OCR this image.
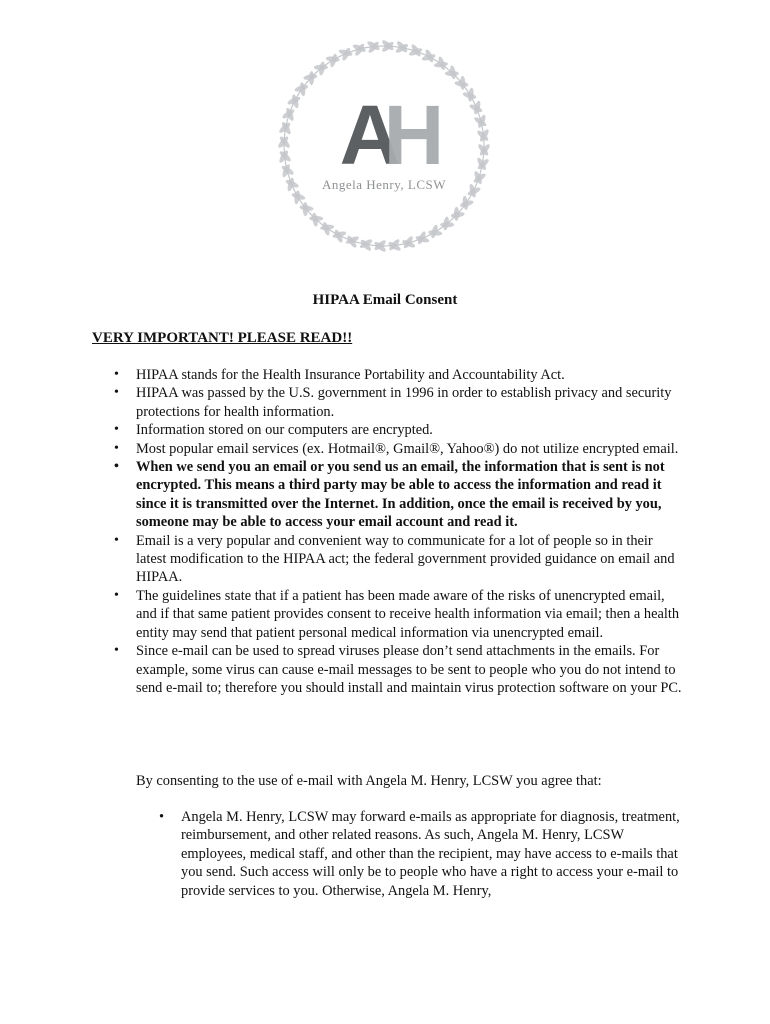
A
H
Angela Henry, LCSW
HIPAA Email Consent
VERY IMPORTANT! PLEASE READ!!
• HIPAA stands for the Health Insurance Portability and Accountability Act.
• HIPAA was passed by the U.S. government in 1996 in order to establish privacy and security protections for health information.
• Information stored on our computers are encrypted.
• Most popular email services (ex. Hotmail®, Gmail®, Yahoo®) do not utilize encrypted email.
• When we send you an email or you send us an email, the information that is sent is not encrypted. This means a third party may be able to access the information and read it since it is transmitted over the Internet. In addition, once the email is received by you, someone may be able to access your email account and read it.
• Email is a very popular and convenient way to communicate for a lot of people so in their latest modification to the HIPAA act; the federal government provided guidance on email and HIPAA.
• The guidelines state that if a patient has been made aware of the risks of unencrypted email, and if that same patient provides consent to receive health information via email; then a health entity may send that patient personal medical information via unencrypted email.
• Since e-mail can be used to spread viruses please don’t send attachments in the emails. For example, some virus can cause e-mail messages to be sent to people who you do not intend to send e-mail to; therefore you should install and maintain virus protection software on your PC.
By consenting to the use of e-mail with Angela M. Henry, LCSW you agree that:
• Angela M. Henry, LCSW may forward e-mails as appropriate for diagnosis, treatment, reimbursement, and other related reasons. As such, Angela M. Henry, LCSW employees, medical staff, and other than the recipient, may have access to e-mails that you send. Such access will only be to people who have a right to access your e-mail to provide services to you. Otherwise, Angela M. Henry,
